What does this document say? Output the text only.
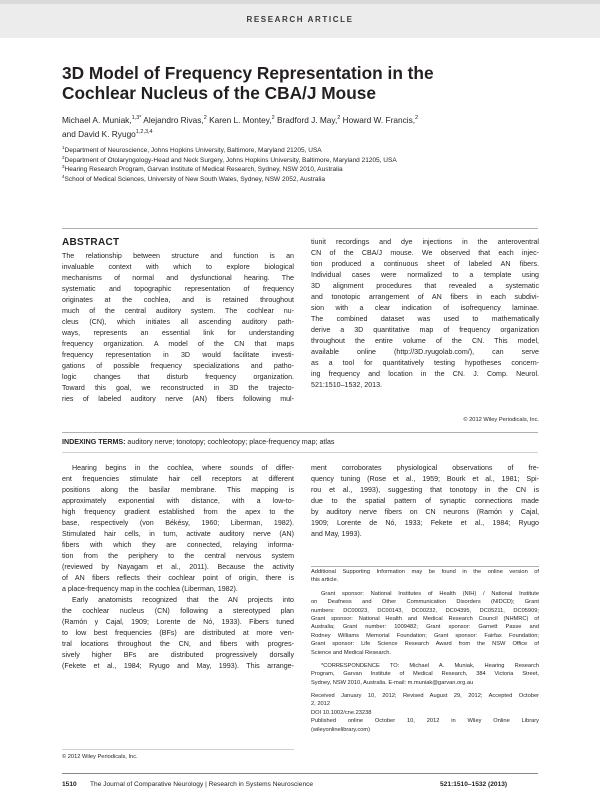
RESEARCH ARTICLE
3D Model of Frequency Representation in the
Cochlear Nucleus of the CBA/J Mouse
Michael A. Muniak,$^{1,3*}$ Alejandro Rivas,$^2$ Karen L. Montey,$^2$ Bradford J. May,$^2$ Howard W. Francis,$^2$
and David K. Ryugo$^{1,2,3,4}$
$^1$Department of Neuroscience, Johns Hopkins University, Baltimore, Maryland 21205, USA
$^2$Department of Otolaryngology-Head and Neck Surgery, Johns Hopkins University, Baltimore, Maryland 21205, USA
$^3$Hearing Research Program, Garvan Institute of Medical Research, Sydney, NSW 2010, Australia
$^4$School of Medical Sciences, University of New South Wales, Sydney, NSW 2052, Australia
ABSTRACT
The relationship between structure and function is an
invaluable context with which to explore biological
mechanisms of normal and dysfunctional hearing. The
systematic and topographic representation of frequency
originates at the cochlea, and is retained throughout
much of the central auditory system. The cochlear nu-
cleus (CN), which initiates all ascending auditory path-
ways, represents an essential link for understanding
frequency organization. A model of the CN that maps
frequency representation in 3D would facilitate investi-
gations of possible frequency specializations and patho-
logic changes that disturb frequency organization.
Toward this goal, we reconstructed in 3D the trajecto-
ries of labeled auditory nerve (AN) fibers following mul-
tiunit recordings and dye injections in the anteroventral
CN of the CBA/J mouse. We observed that each injec-
tion produced a continuous sheet of labeled AN fibers.
Individual cases were normalized to a template using
3D alignment procedures that revealed a systematic
and tonotopic arrangement of AN fibers in each subdivi-
sion with a clear indication of isofrequency laminae.
The combined dataset was used to mathematically
derive a 3D quantitative map of frequency organization
throughout the entire volume of the CN. This model,
available online (http://3D.ryugolab.com/), can serve
as a tool for quantitatively testing hypotheses concern-
ing frequency and location in the CN. J. Comp. Neurol.
521:1510–1532, 2013.
© 2012 Wiley Periodicals, Inc.
INDEXING TERMS: auditory nerve; tonotopy; cochleotopy; place-frequency map; atlas
Hearing begins in the cochlea, where sounds of differ-
ent frequencies stimulate hair cell receptors at different
positions along the basilar membrane. This mapping is
approximately exponential with distance, with a low-to-
high frequency gradient established from the apex to the
base, respectively (von Békésy, 1960; Liberman, 1982).
Stimulated hair cells, in turn, activate auditory nerve (AN)
fibers with which they are connected, relaying informa-
tion from the periphery to the central nervous system
(reviewed by Nayagam et al., 2011). Because the activity
of AN fibers reflects their cochlear point of origin, there is
a place-frequency map in the cochlea (Liberman, 1982).
Early anatomists recognized that the AN projects into
the cochlear nucleus (CN) following a stereotyped plan
(Ramón y Cajal, 1909; Lorente de Nó, 1933). Fibers tuned
to low best frequencies (BFs) are distributed at more ven-
tral locations throughout the CN, and fibers with progres-
sively higher BFs are distributed progressively dorsally
(Fekete et al., 1984; Ryugo and May, 1993). This arrange-
ment corroborates physiological observations of fre-
quency tuning (Rose et al., 1959; Bourk et al., 1981; Spi-
rou et al., 1993), suggesting that tonotopy in the CN is
due to the spatial pattern of synaptic connections made
by auditory nerve fibers on CN neurons (Ramón y Cajal,
1909; Lorente de Nó, 1933; Fekete et al., 1984; Ryugo
and May, 1993).
© 2012 Wiley Periodicals, Inc.
Additional Supporting Information may be found in the online version of
this article.
Grant sponsor: National Institutes of Health (NIH) / National Institute
on Deafness and Other Communication Disorders (NIDCD); Grant
numbers: DC00023, DC00143, DC00232, DC04395, DC05211, DC05909;
Grant sponsor: National Health and Medical Research Council (NHMRC) of
Australia; Grant number: 1009482; Grant sponsor: Garnett Passe and
Rodney Williams Memorial Foundation; Grant sponsor: Fairfax Foundation;
Grant sponsor: Life Science Research Award from the NSW Office of
Science and Medical Research.
*CORRESPONDENCE TO: Michael A. Muniak, Hearing Research
Program, Garvan Institute of Medical Research, 384 Victoria Street,
Sydney, NSW 2010, Australia. E-mail: m.muniak@garvan.org.au
Received January 10, 2012; Revised August 29, 2012; Accepted October
2, 2012
DOI 10.1002/cne.23238
Published online October 10, 2012 in Wiley Online Library
(wileyonlinelibrary.com)
1510 The Journal of Comparative Neurology | Research in Systems Neuroscience	521:1510–1532 (2013)
